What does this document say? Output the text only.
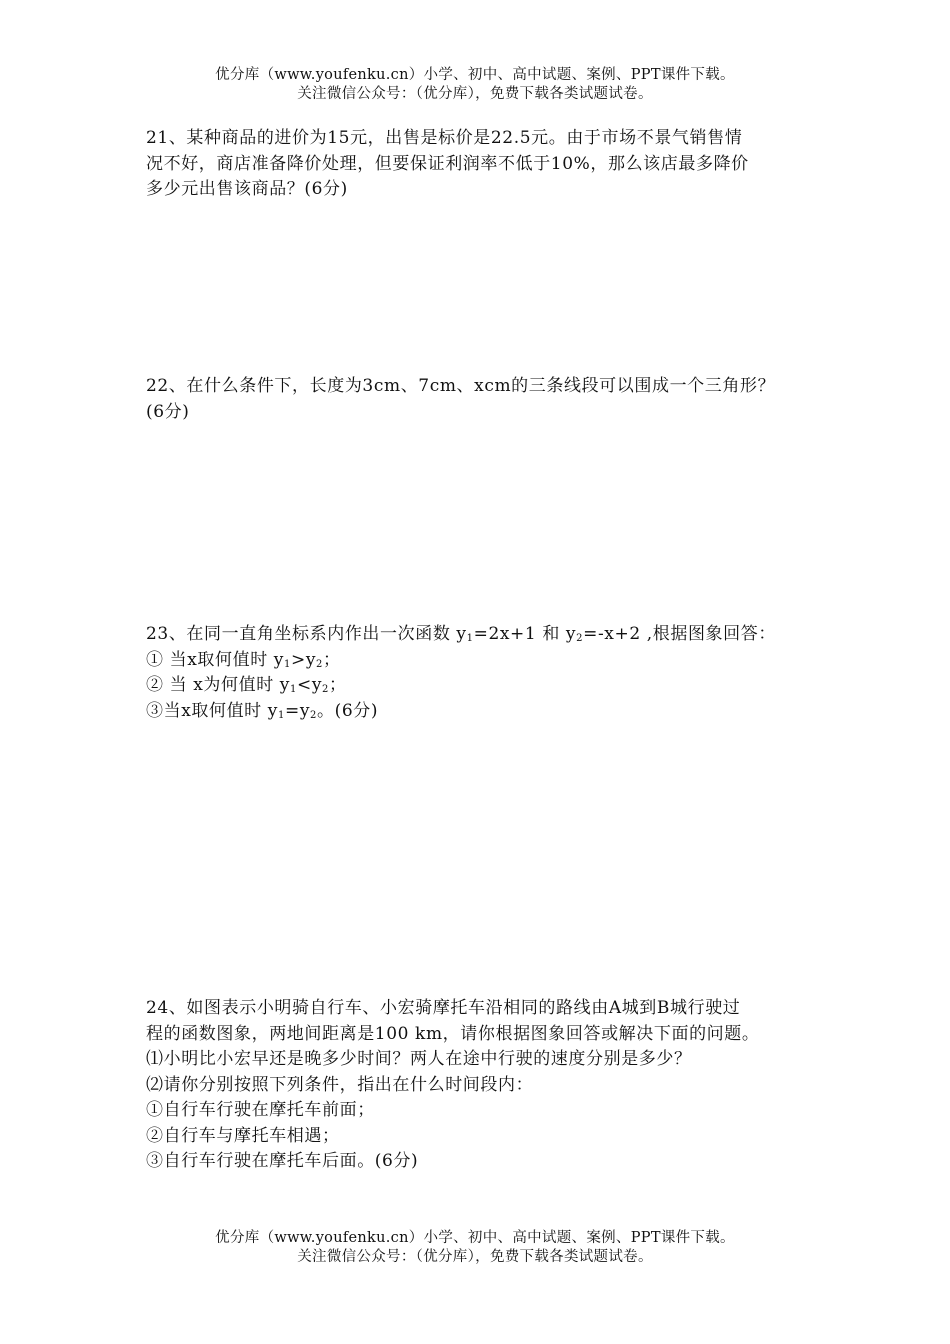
优分库（www.youfenku.cn）小学、初中、高中试题、案例、PPT课件下载。
关注微信公众号：（优分库），免费下载各类试题试卷。
21、某种商品的进价为15元，出售是标价是22.5元。由于市场不景气销售情
况不好，商店准备降价处理，但要保证利润率不低于10%，那么该店最多降价
多少元出售该商品？(6分)
22、在什么条件下，长度为3cm、7cm、xcm的三条线段可以围成一个三角形？
(6分)
23、在同一直角坐标系内作出一次函数 $y_1=2x+1$ 和 $y_2=-x+2$ ,根据图象回答：
① 当x取何值时 $y_1>y_2$；
② 当 x为何值时 $y_1<y_2$；
③当x取何值时 $y_1=y_2$。(6分)
24、如图表示小明骑自行车、小宏骑摩托车沿相同的路线由A城到B城行驶过
程的函数图象，两地间距离是100 km，请你根据图象回答或解决下面的问题。
⑴小明比小宏早还是晚多少时间？两人在途中行驶的速度分别是多少？
⑵请你分别按照下列条件，指出在什么时间段内：
①自行车行驶在摩托车前面；
②自行车与摩托车相遇；
③自行车行驶在摩托车后面。(6分)
优分库（www.youfenku.cn）小学、初中、高中试题、案例、PPT课件下载。
关注微信公众号：（优分库），免费下载各类试题试卷。
